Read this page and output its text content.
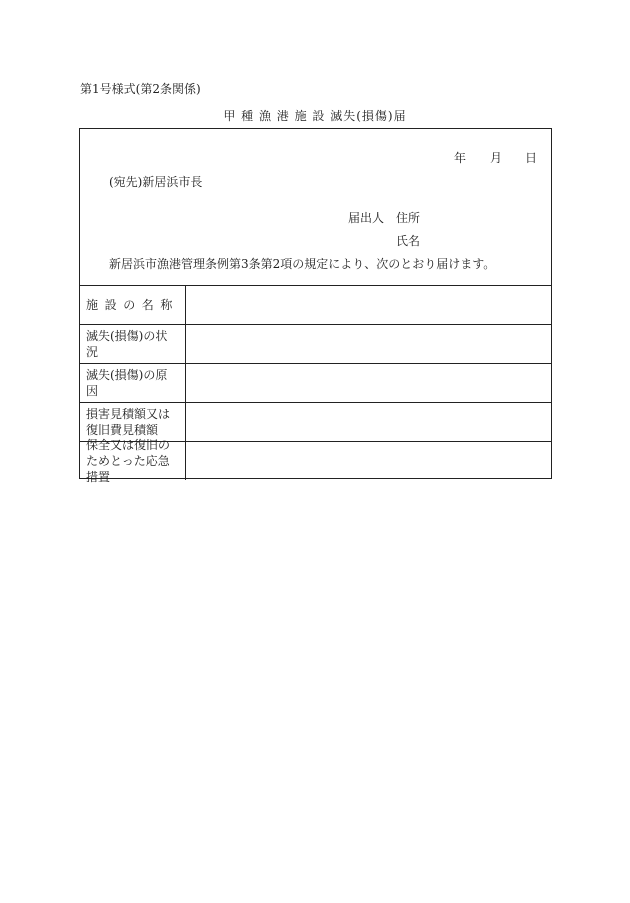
第1号様式(第2条関係)
甲 種 漁 港 施 設 滅失(損傷)届
年 月 日
(宛先)新居浜市長
届出人 住所
氏名
新居浜市漁港管理条例第3条第2項の規定により、次のとおり届けます。
施設の名称
滅失(損傷)の状況
滅失(損傷)の原因
損害見積額又は復旧費見積額
保全又は復旧のためとった応急措置
